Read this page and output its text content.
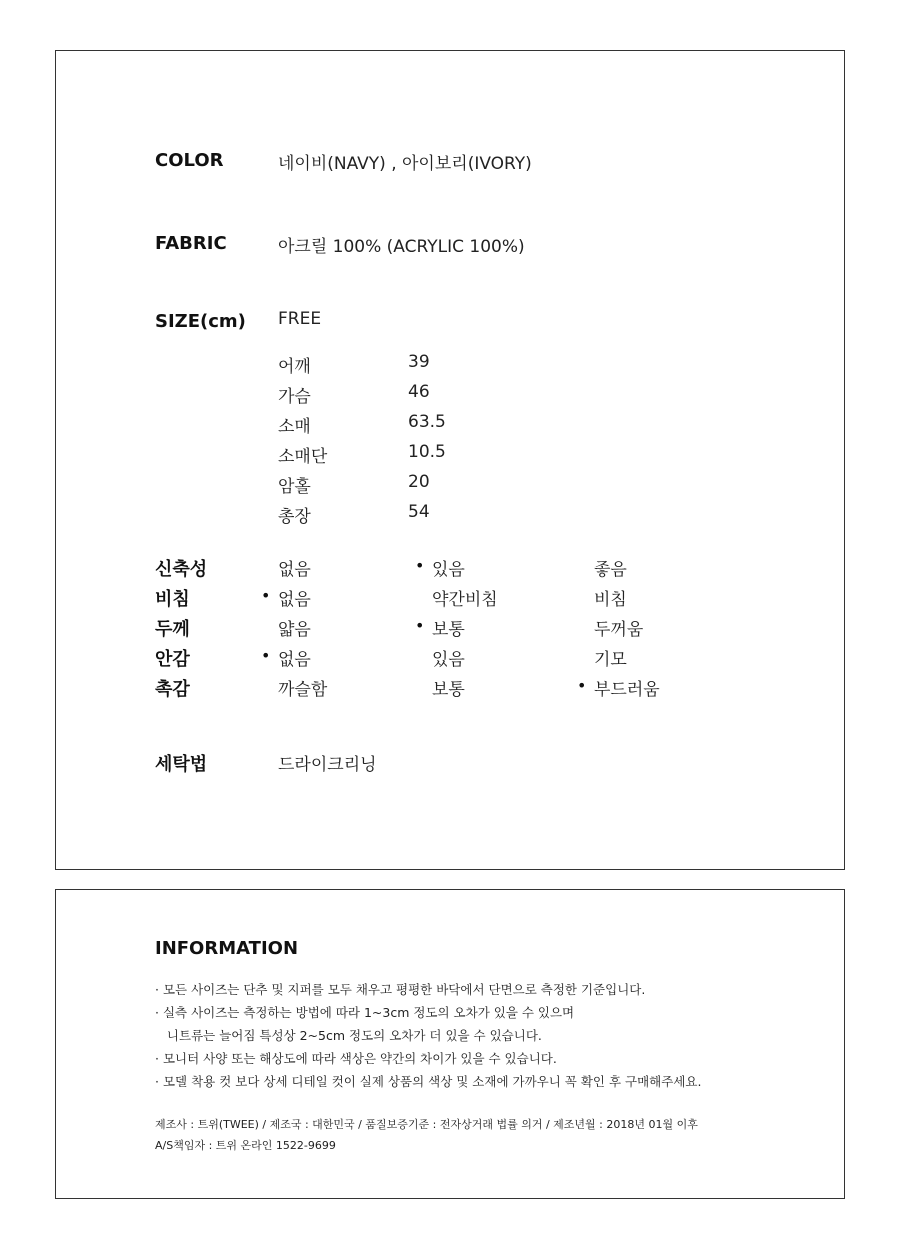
COLOR	네이비(NAVY) , 아이보리(IVORY)
FABRIC	아크릴 100% (ACRYLIC 100%)
SIZE(cm) FREE
어깨	39
가슴	46
소매	63.5
소매단	10.5
암홀	20
총장	54
신축성	없음	• 있음	좋음
비침	• 없음	약간비침	비침
두께	얇음	• 보통	두꺼움
안감	• 없음	있음	기모
촉감	까슬함	보통	• 부드러움
세탁법	드라이크리닝
INFORMATION
· 모든 사이즈는 단추 및 지퍼를 모두 채우고 평평한 바닥에서 단면으로 측정한 기준입니다.
· 실측 사이즈는 측정하는 방법에 따라 1~3cm 정도의 오차가 있을 수 있으며
니트류는 늘어짐 특성상 2~5cm 정도의 오차가 더 있을 수 있습니다.
· 모니터 사양 또는 해상도에 따라 색상은 약간의 차이가 있을 수 있습니다.
· 모델 착용 컷 보다 상세 디테일 컷이 실제 상품의 색상 및 소재에 가까우니 꼭 확인 후 구매해주세요.
제조사 : 트위(TWEE) / 제조국 : 대한민국 / 품질보증기준 : 전자상거래 법률 의거 / 제조년월 : 2018년 01월 이후
A/S책임자 : 트위 온라인 1522-9699
